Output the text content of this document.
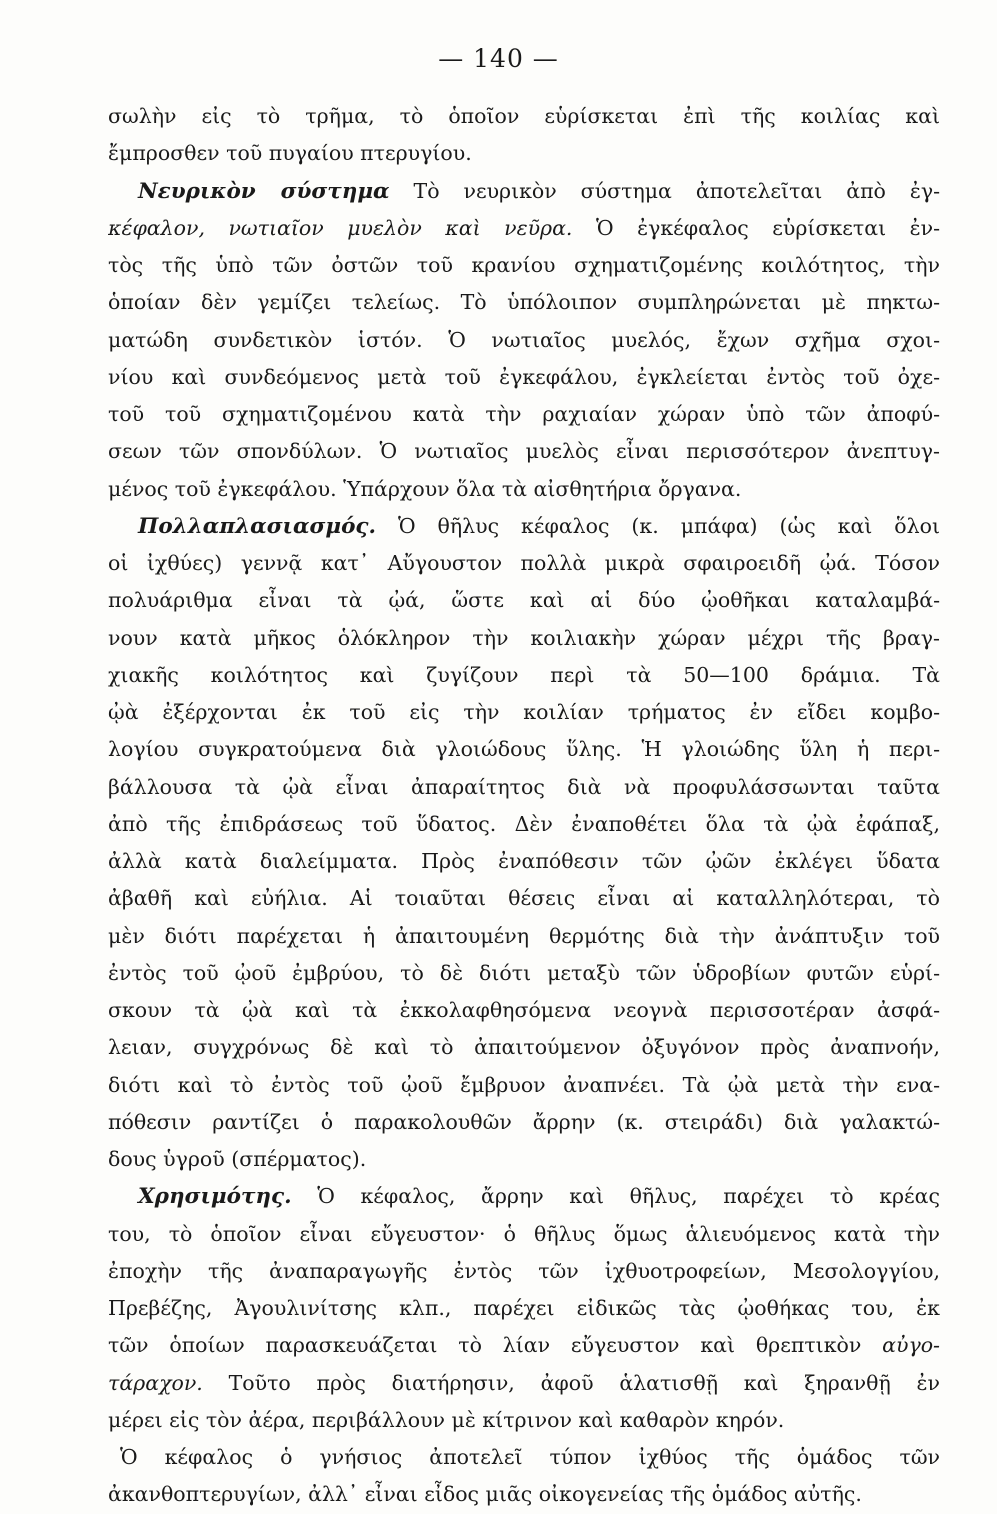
— 140 —
σωλὴν εἰς τὸ τρῆμα, τὸ ὁποῖον εὑρίσκεται ἐπὶ τῆς κοιλίας καὶ
ἔμπροσθεν τοῦ πυγαίου πτερυγίου.
Νευρικὸν σύστημα Τὸ νευρικὸν σύστημα ἀποτελεῖται ἀπὸ ἐγ-
κέφαλον, νωτιαῖον μυελὸν καὶ νεῦρα. Ὁ ἐγκέφαλος εὑρίσκεται ἐν-
τὸς τῆς ὑπὸ τῶν ὀστῶν τοῦ κρανίου σχηματιζομένης κοιλότητος, τὴν
ὁποίαν δὲν γεμίζει τελείως. Τὸ ὑπόλοιπον συμπληρώνεται μὲ πηκτω-
ματώδη συνδετικὸν ἱστόν. Ὁ νωτιαῖος μυελός, ἔχων σχῆμα σχοι-
νίου καὶ συνδεόμενος μετὰ τοῦ ἐγκεφάλου, ἐγκλείεται ἐντὸς τοῦ ὀχε-
τοῦ τοῦ σχηματιζομένου κατὰ τὴν ραχιαίαν χώραν ὑπὸ τῶν ἀποφύ-
σεων τῶν σπονδύλων. Ὁ νωτιαῖος μυελὸς εἶναι περισσότερον ἀνεπτυγ-
μένος τοῦ ἐγκεφάλου. Ὑπάρχουν ὅλα τὰ αἰσθητήρια ὄργανα.
Πολλαπλασιασμός. Ὁ θῆλυς κέφαλος (κ. μπάφα) (ὡς καὶ ὅλοι
οἱ ἰχθύες) γεννᾷ κατ᾽ Αὔγουστον πολλὰ μικρὰ σφαιροειδῆ ᾠά. Τόσον
πολυάριθμα εἶναι τὰ ᾠά, ὥστε καὶ αἱ δύο ᾠοθῆκαι καταλαμβά-
νουν κατὰ μῆκος ὁλόκληρον τὴν κοιλιακὴν χώραν μέχρι τῆς βραγ-
χιακῆς κοιλότητος καὶ ζυγίζουν περὶ τὰ 50—100 δράμια. Τὰ
ᾠὰ ἐξέρχονται ἐκ τοῦ εἰς τὴν κοιλίαν τρήματος ἐν εἴδει κομβο-
λογίου συγκρατούμενα διὰ γλοιώδους ὕλης. Ἡ γλοιώδης ὕλη ἡ περι-
βάλλουσα τὰ ᾠὰ εἶναι ἀπαραίτητος διὰ νὰ προφυλάσσωνται ταῦτα
ἀπὸ τῆς ἐπιδράσεως τοῦ ὕδατος. Δὲν ἐναποθέτει ὅλα τὰ ᾠὰ ἐφάπαξ,
ἀλλὰ κατὰ διαλείμματα. Πρὸς ἐναπόθεσιν τῶν ᾠῶν ἐκλέγει ὕδατα
ἀβαθῆ καὶ εὐήλια. Αἱ τοιαῦται θέσεις εἶναι αἱ καταλληλότεραι, τὸ
μὲν διότι παρέχεται ἡ ἀπαιτουμένη θερμότης διὰ τὴν ἀνάπτυξιν τοῦ
ἐντὸς τοῦ ᾠοῦ ἐμβρύου, τὸ δὲ διότι μεταξὺ τῶν ὑδροβίων φυτῶν εὑρί-
σκουν τὰ ᾠὰ καὶ τὰ ἐκκολαφθησόμενα νεογνὰ περισσοτέραν ἀσφά-
λειαν, συγχρόνως δὲ καὶ τὸ ἀπαιτούμενον ὀξυγόνον πρὸς ἀναπνοήν,
διότι καὶ τὸ ἐντὸς τοῦ ᾠοῦ ἔμβρυον ἀναπνέει. Τὰ ᾠὰ μετὰ τὴν ενα-
πόθεσιν ραντίζει ὁ παρακολουθῶν ἄρρην (κ. στειράδι) διὰ γαλακτώ-
δους ὑγροῦ (σπέρματος).
Χρησιμότης. Ὁ κέφαλος, ἄρρην καὶ θῆλυς, παρέχει τὸ κρέας
του, τὸ ὁποῖον εἶναι εὔγευστον· ὁ θῆλυς ὅμως ἁλιευόμενος κατὰ τὴν
ἐποχὴν τῆς ἀναπαραγωγῆς ἐντὸς τῶν ἰχθυοτροφείων, Μεσολογγίου,
Πρεβέζης, Ἀγουλινίτσης κλπ., παρέχει εἰδικῶς τὰς ᾠοθήκας του, ἐκ
τῶν ὁποίων παρασκευάζεται τὸ λίαν εὔγευστον καὶ θρεπτικὸν αὐγο-
τάραχον. Τοῦτο πρὸς διατήρησιν, ἀφοῦ ἁλατισθῇ καὶ ξηρανθῇ ἐν
μέρει εἰς τὸν ἀέρα, περιβάλλουν μὲ κίτρινον καὶ καθαρὸν κηρόν.
Ὁ κέφαλος ὁ γνήσιος ἀποτελεῖ τύπον ἰχθύος τῆς ὁμάδος τῶν
ἀκανθοπτερυγίων, ἀλλ᾽ εἶναι εἶδος μιᾶς οἰκογενείας τῆς ὁμάδος αὐτῆς.
